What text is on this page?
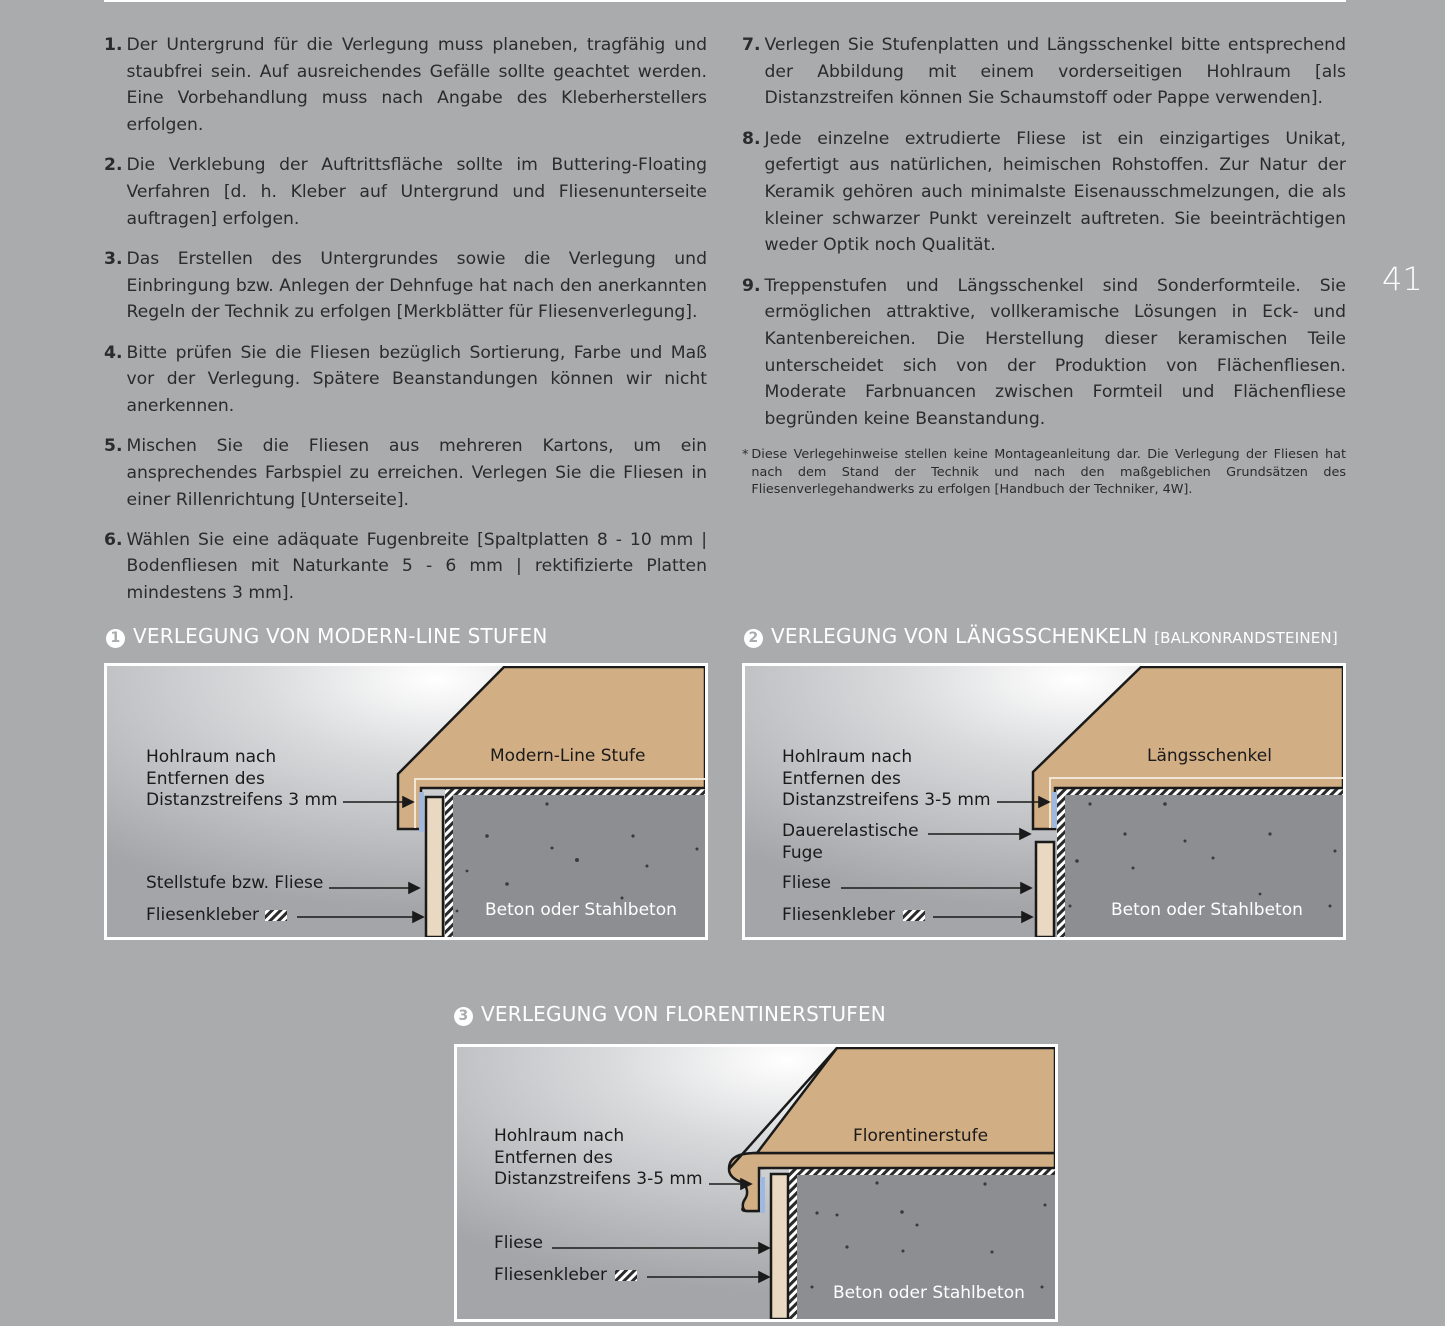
1. Der Untergrund für die Verlegung muss planeben, tragfähig und staubfrei sein. Auf ausreichendes Gefälle sollte geachtet werden. Eine Vorbehandlung muss nach Angabe des Kleberherstellers erfolgen.
2. Die Verklebung der Auftrittsfläche sollte im Buttering-Floating Verfahren [d. h. Kleber auf Untergrund und Fliesenunterseite auftragen] erfolgen.
3. Das Erstellen des Untergrundes sowie die Verlegung und Einbringung bzw. Anlegen der Dehnfuge hat nach den anerkannten Regeln der Technik zu erfolgen [Merkblätter für Fliesenverlegung].
4. Bitte prüfen Sie die Fliesen bezüglich Sortierung, Farbe und Maß vor der Verlegung. Spätere Beanstandungen können wir nicht anerkennen.
5. Mischen Sie die Fliesen aus mehreren Kartons, um ein ansprechendes Farbspiel zu erreichen. Verlegen Sie die Fliesen in einer Rillenrichtung [Unterseite].
6. Wählen Sie eine adäquate Fugenbreite [Spaltplatten 8 - 10 mm | Bodenfliesen mit Naturkante 5 - 6 mm | rektifizierte Platten mindestens 3 mm].
7. Verlegen Sie Stufenplatten und Längsschenkel bitte entsprechend der Abbildung mit einem vorderseitigen Hohlraum [als Distanzstreifen können Sie Schaumstoff oder Pappe verwenden].
8. Jede einzelne extrudierte Fliese ist ein einzigartiges Unikat, gefertigt aus natürlichen, heimischen Rohstoffen. Zur Natur der Keramik gehören auch minimalste Eisenausschmelzungen, die als kleiner schwarzer Punkt vereinzelt auftreten. Sie beeinträchtigen weder Optik noch Qualität.
9. Treppenstufen und Längsschenkel sind Sonderformteile. Sie ermöglichen attraktive, vollkeramische Lösungen in Eck- und Kantenbereichen. Die Herstellung dieser keramischen Teile unterscheidet sich von der Produktion von Flächenfliesen. Moderate Farbnuancen zwischen Formteil und Flächenfliese begründen keine Beanstandung.
* Diese Verlegehinweise stellen keine Montageanleitung dar. Die Verlegung der Fliesen hat nach dem Stand der Technik und nach den maßgeblichen Grundsätzen des Fliesenverlegehandwerks zu erfolgen [Handbuch der Techniker, 4W].
41
1 VERLEGUNG VON MODERN-LINE STUFEN	2 VERLEGUNG VON LÄNGSSCHENKELN [BALKONRANDSTEINEN]
3 VERLEGUNG VON FLORENTINERSTUFEN
Modern-Line Stufe
Hohlraum nach
Entfernen des
Distanzstreifens 3 mm
Stellstufe bzw. Fliese
Fliesenkleber	Beton oder Stahlbeton
Längsschenkel
Hohlraum nach
Entfernen des
Distanzstreifens 3-5 mm
Dauerelastische
Fuge
Fliese
Fliesenkleber	Beton oder Stahlbeton
Florentinerstufe
Hohlraum nach
Entfernen des
Distanzstreifens 3-5 mm
Fliese
Fliesenkleber
Beton oder Stahlbeton
